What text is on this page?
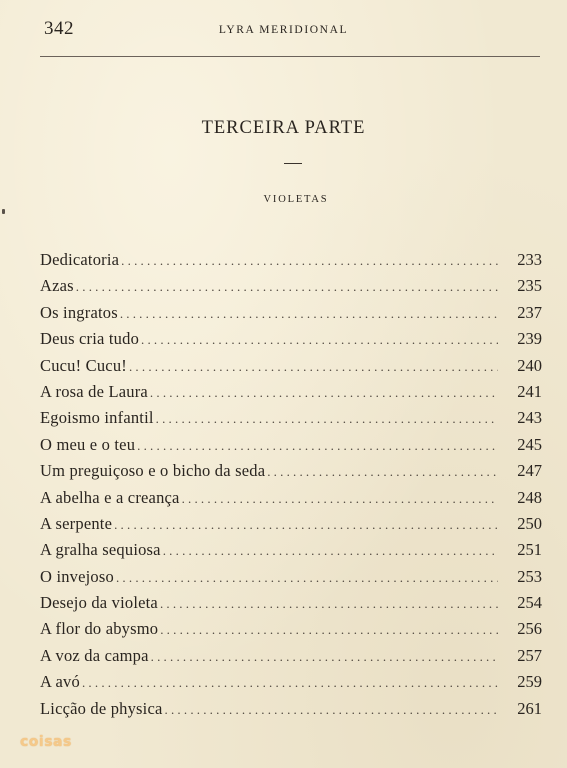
342	LYRA MERIDIONAL
TERCEIRA PARTE
VIOLETAS
Dedicatoria .....	233
Azas .....	235
Os ingratos .....	237
Deus cria tudo .....	239
Cucu! Cucu! .....	240
A rosa de Laura .....	241
Egoismo infantil .....	243
O meu e o teu .....	245
Um preguiçoso e o bicho da seda .....	247
A abelha e a creança .....	248
A serpente .....	250
A gralha sequiosa .....	251
O invejoso .....	253
Desejo da violeta .....	254
A flor do abysmo .....	256
A voz da campa .....	257
A avó .....	259
Licção de physica .....	261
coisas
